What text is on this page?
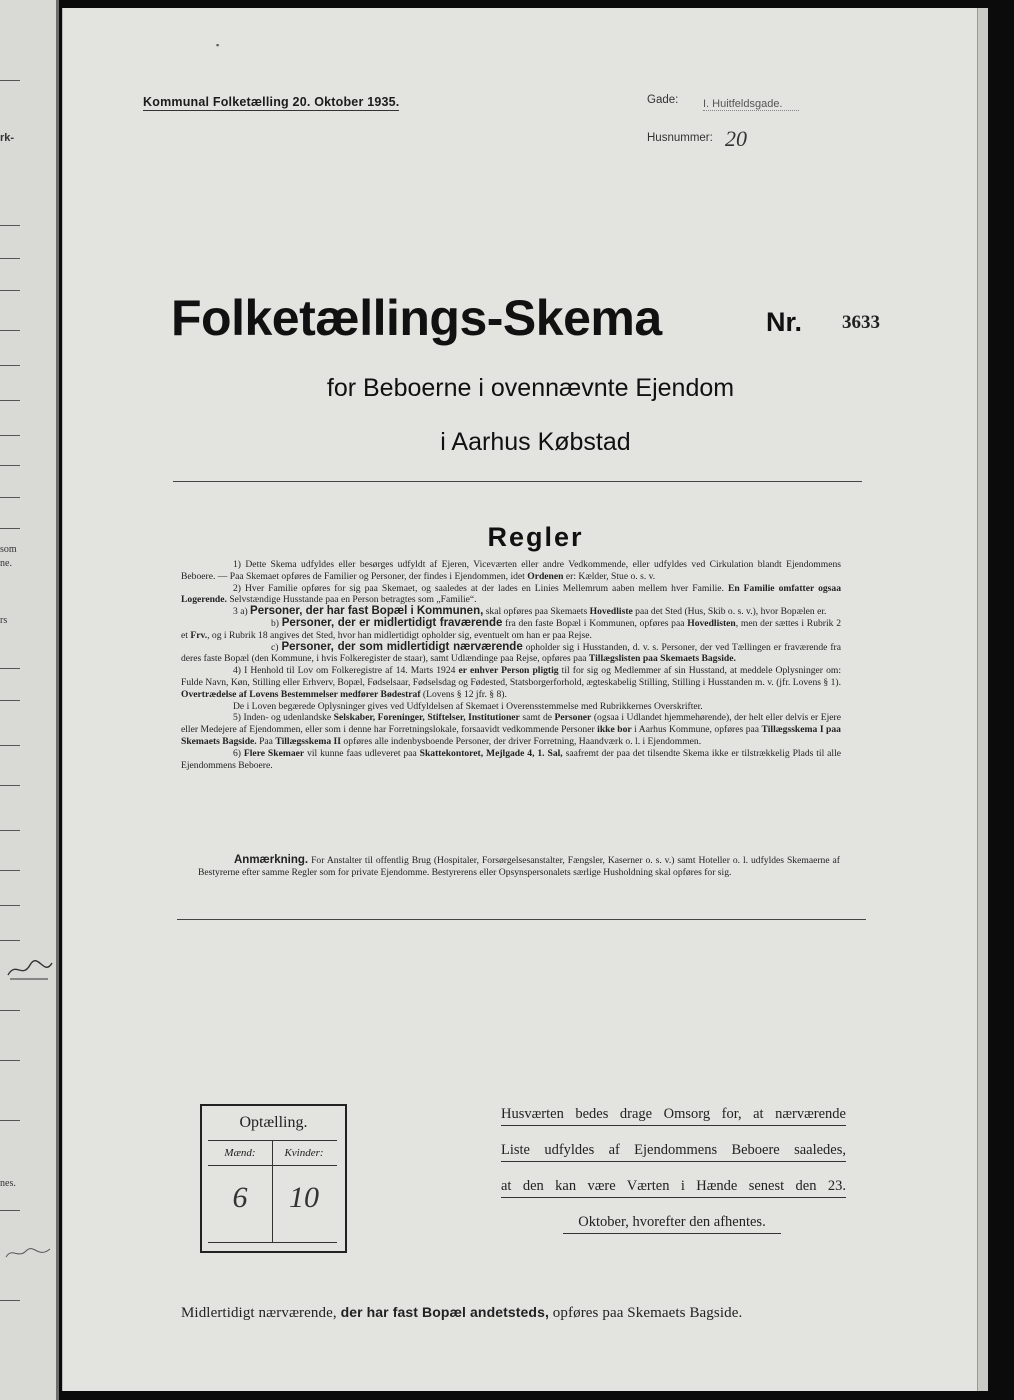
rk-
som
ne.
rs
nes.
▪
Kommunal Folketælling 20. Oktober 1935.	Gade: I. Huitfeldsgade.
Husnummer: 20
Folketællings-Skema	Nr. 3633
for Beboerne i ovennævnte Ejendom
i Aarhus Købstad
Regler

1) Dette Skema udfyldes eller besørges udfyldt af Ejeren, Viceværten eller andre Vedkommende, eller udfyldes ved Cirkulation blandt Ejendommens Beboere. — Paa Skemaet opføres de Familier og Personer, der findes i Ejendommen, idet Ordenen er: Kælder, Stue o. s. v.

2) Hver Familie opføres for sig paa Skemaet, og saaledes at der lades en Linies Mellemrum aaben mellem hver Familie. En Familie omfatter ogsaa Logerende. Selvstændige Husstande paa en Person betragtes som „Familie“.

3 a) Personer, der har fast Bopæl i Kommunen, skal opføres paa Skemaets Hovedliste paa det Sted (Hus, Skib o. s. v.), hvor Bopælen er.

b) Personer, der er midlertidigt fraværende fra den faste Bopæl i Kommunen, opføres paa Hovedlisten, men der sættes i Rubrik 2 et Frv., og i Rubrik 18 angives det Sted, hvor han midlertidigt opholder sig, eventuelt om han er paa Rejse.

c) Personer, der som midlertidigt nærværende opholder sig i Husstanden, d. v. s. Personer, der ved Tællingen er fraværende fra deres faste Bopæl (den Kommune, i hvis Folkeregister de staar), samt Udlændinge paa Rejse, opføres paa Tillægslisten paa Skemaets Bagside.

4) I Henhold til Lov om Folkeregistre af 14. Marts 1924 er enhver Person pligtig til for sig og Medlemmer af sin Husstand, at meddele Oplysninger om: Fulde Navn, Køn, Stilling eller Erhverv, Bopæl, Fødselsaar, Fødselsdag og Fødested, Statsborgerforhold, ægteskabelig Stilling, Stilling i Husstanden m. v. (jfr. Lovens § 1). Overtrædelse af Lovens Bestemmelser medfører Bødestraf (Lovens § 12 jfr. § 8).

De i Loven begærede Oplysninger gives ved Udfyldelsen af Skemaet i Overensstemmelse med Rubrikkernes Overskrifter.

5) Inden- og udenlandske Selskaber, Foreninger, Stiftelser, Institutioner samt de Personer (ogsaa i Udlandet hjemmehørende), der helt eller delvis er Ejere eller Medejere af Ejendommen, eller som i denne har Forretningslokale, forsaavidt vedkommende Personer ikke bor i Aarhus Kommune, opføres paa Tillægsskema I paa Skemaets Bagside. Paa Tillægsskema II opføres alle indenbysboende Personer, der driver Forretning, Haandværk o. l. i Ejendommen.

6) Flere Skemaer vil kunne faas udleveret paa Skattekontoret, Mejlgade 4, 1. Sal, saafremt der paa det tilsendte Skema ikke er tilstrækkelig Plads til alle Ejendommens Beboere.

Anmærkning. For Anstalter til offentlig Brug (Hospitaler, Forsørgelsesanstalter, Fængsler, Kaserner o. s. v.) samt Hoteller o. l. udfyldes Skemaerne af Bestyrerne efter samme Regler som for private Ejendomme. Bestyrerens eller Opsynspersonalets særlige Husholdning skal opføres for sig.
Optælling.
Mænd:	Kvinder:
6	10
Husværten bedes drage Omsorg for, at nærværende
Liste udfyldes af Ejendommens Beboere saaledes,
at den kan være Værten i Hænde senest den 23.
Oktober, hvorefter den afhentes.
Midlertidigt nærværende, der har fast Bopæl andetsteds, opføres paa Skemaets Bagside.
